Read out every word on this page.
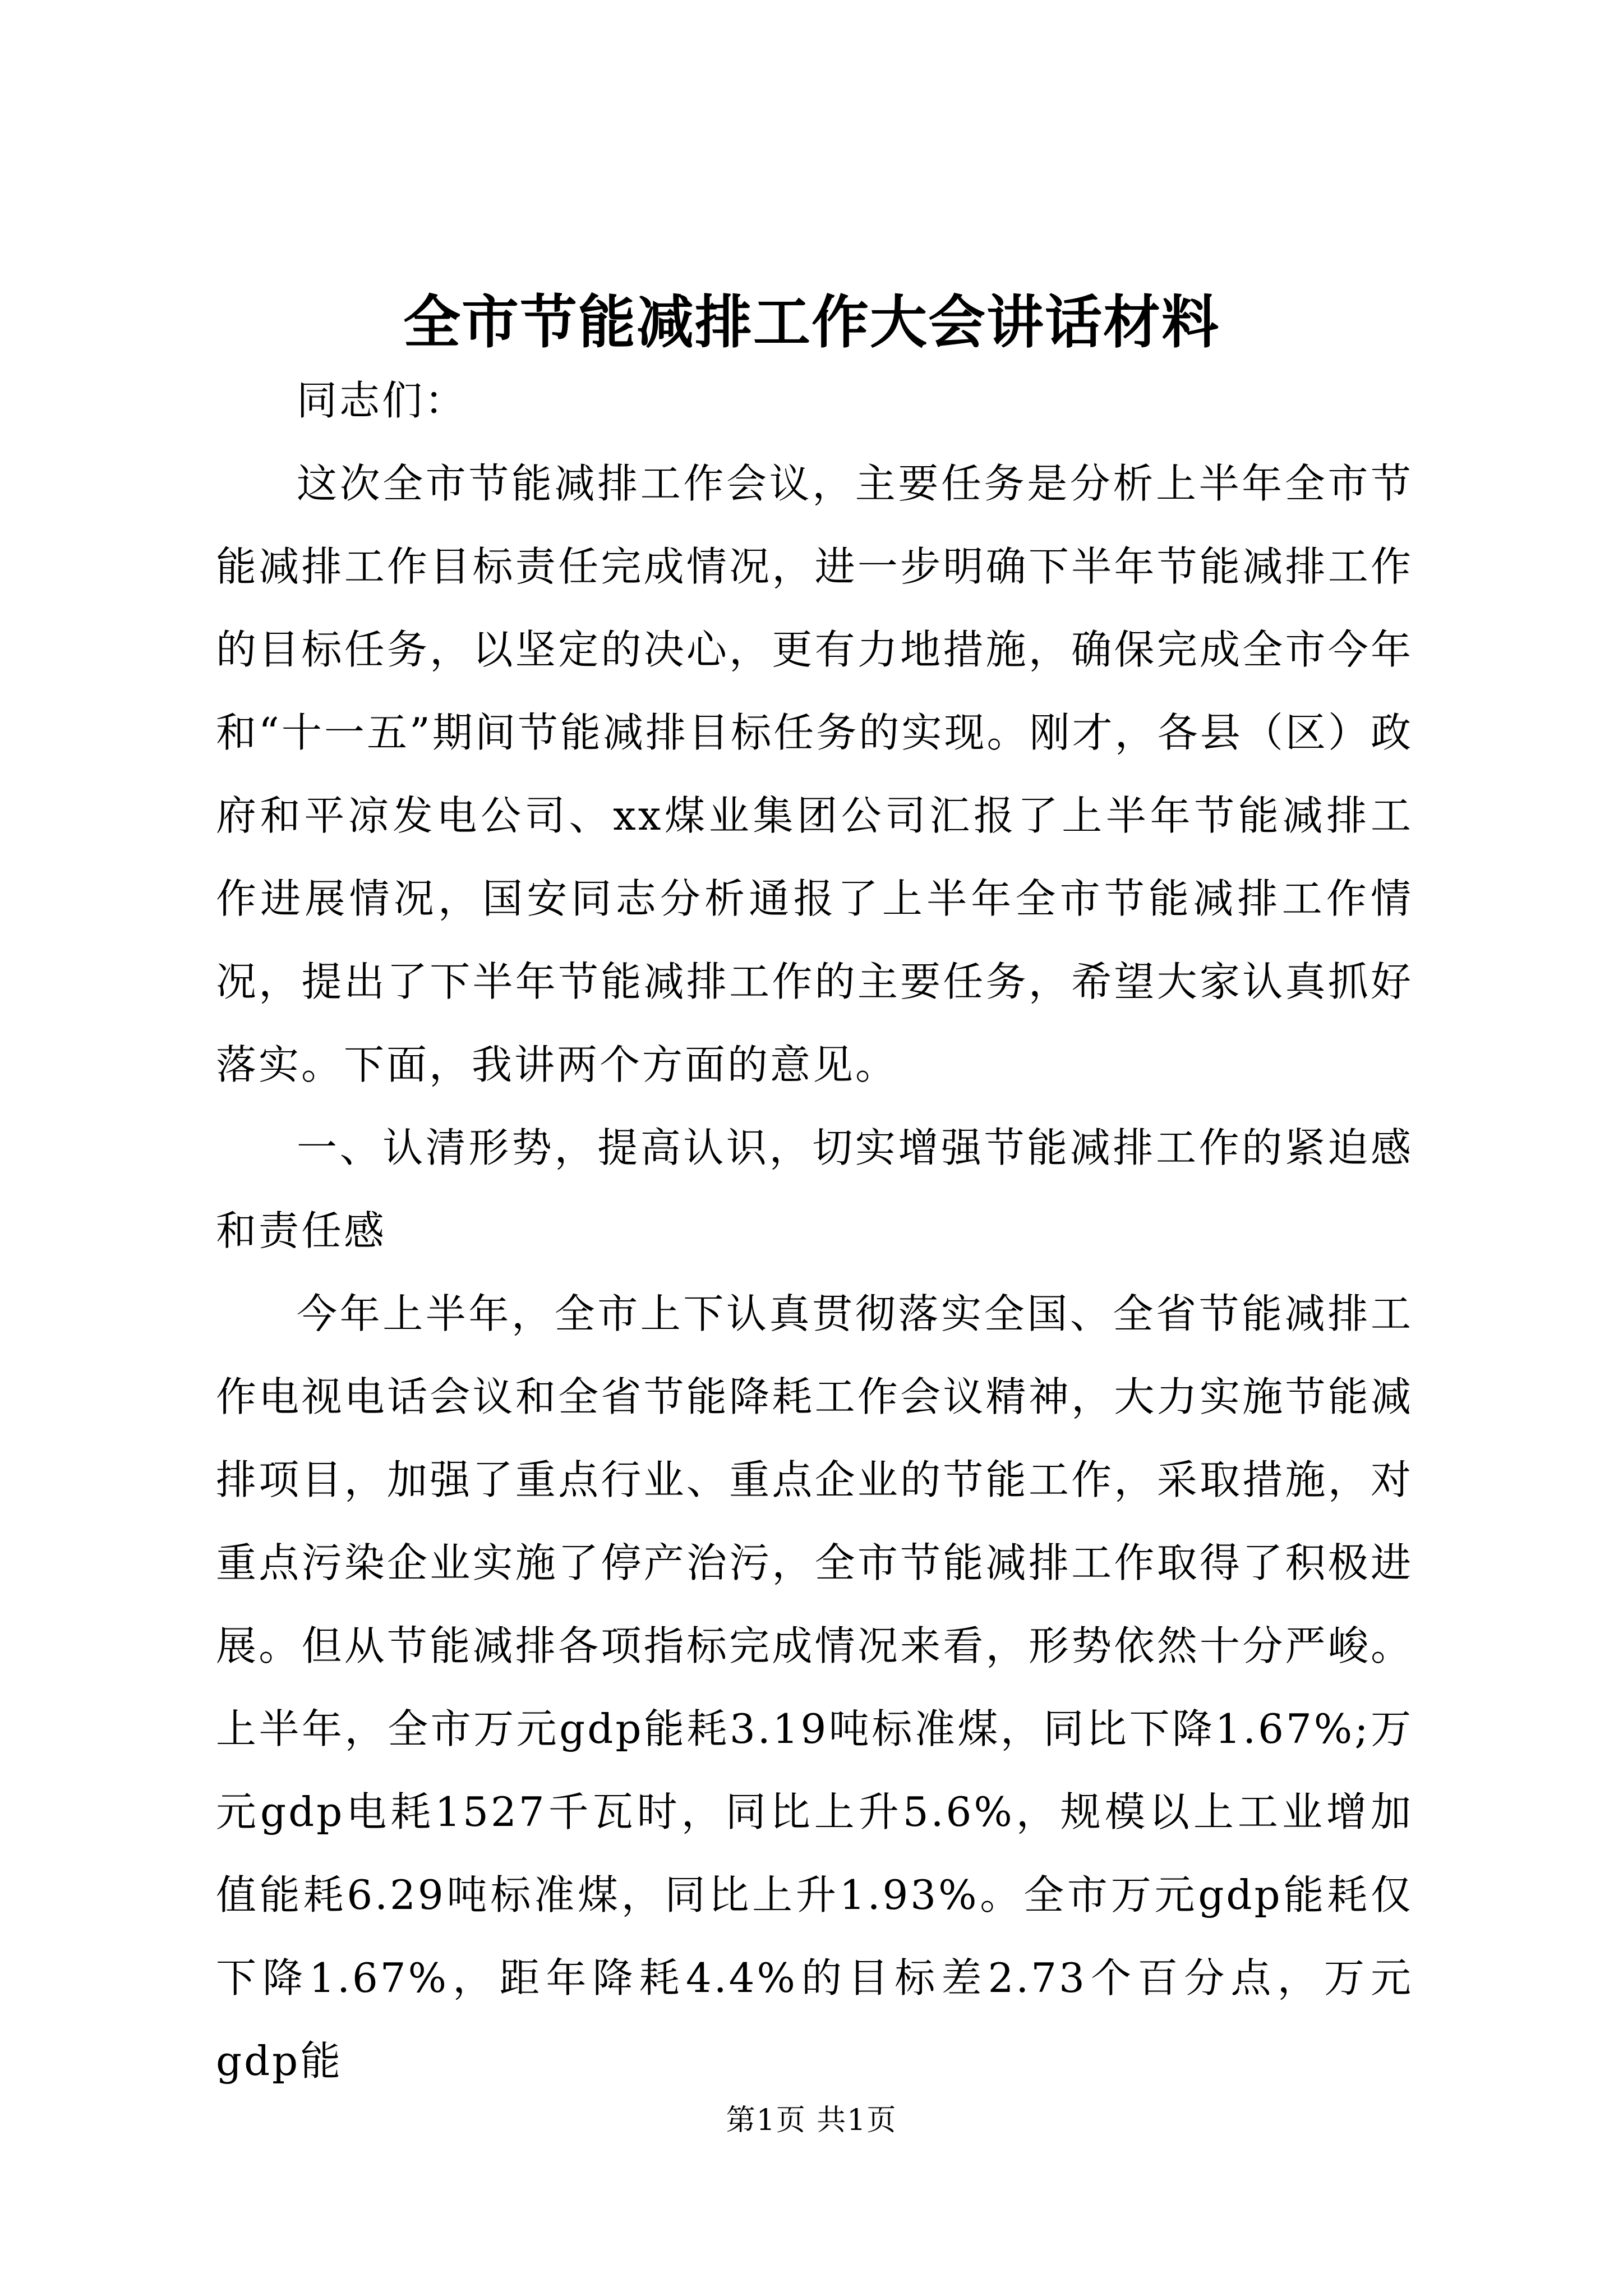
全市节能减排工作大会讲话材料

同志们：

这次全市节能减排工作会议，主要任务是分析上半年全市节能减排工作目标责任完成情况，进一步明确下半年节能减排工作的目标任务，以坚定的决心，更有力地措施，确保完成全市今年和“十一五”期间节能减排目标任务的实现。刚才，各县（区）政府和平凉发电公司、xx煤业集团公司汇报了上半年节能减排工作进展情况，国安同志分析通报了上半年全市节能减排工作情况，提出了下半年节能减排工作的主要任务，希望大家认真抓好落实。下面，我讲两个方面的意见。

一、认清形势，提高认识，切实增强节能减排工作的紧迫感和责任感

今年上半年，全市上下认真贯彻落实全国、全省节能减排工作电视电话会议和全省节能降耗工作会议精神，大力实施节能减排项目，加强了重点行业、重点企业的节能工作，采取措施，对重点污染企业实施了停产治污，全市节能减排工作取得了积极进展。但从节能减排各项指标完成情况来看，形势依然十分严峻。上半年，全市万元gdp能耗3.19吨标准煤，同比下降1.67%;万元gdp电耗1527千瓦时，同比上升5.6%，规模以上工业增加值能耗6.29吨标准煤，同比上升1.93%。全市万元gdp能耗仅下降1.67%，距年降耗4.4%的目标差2.73个百分点，万元gdp能

第1页 共1页
